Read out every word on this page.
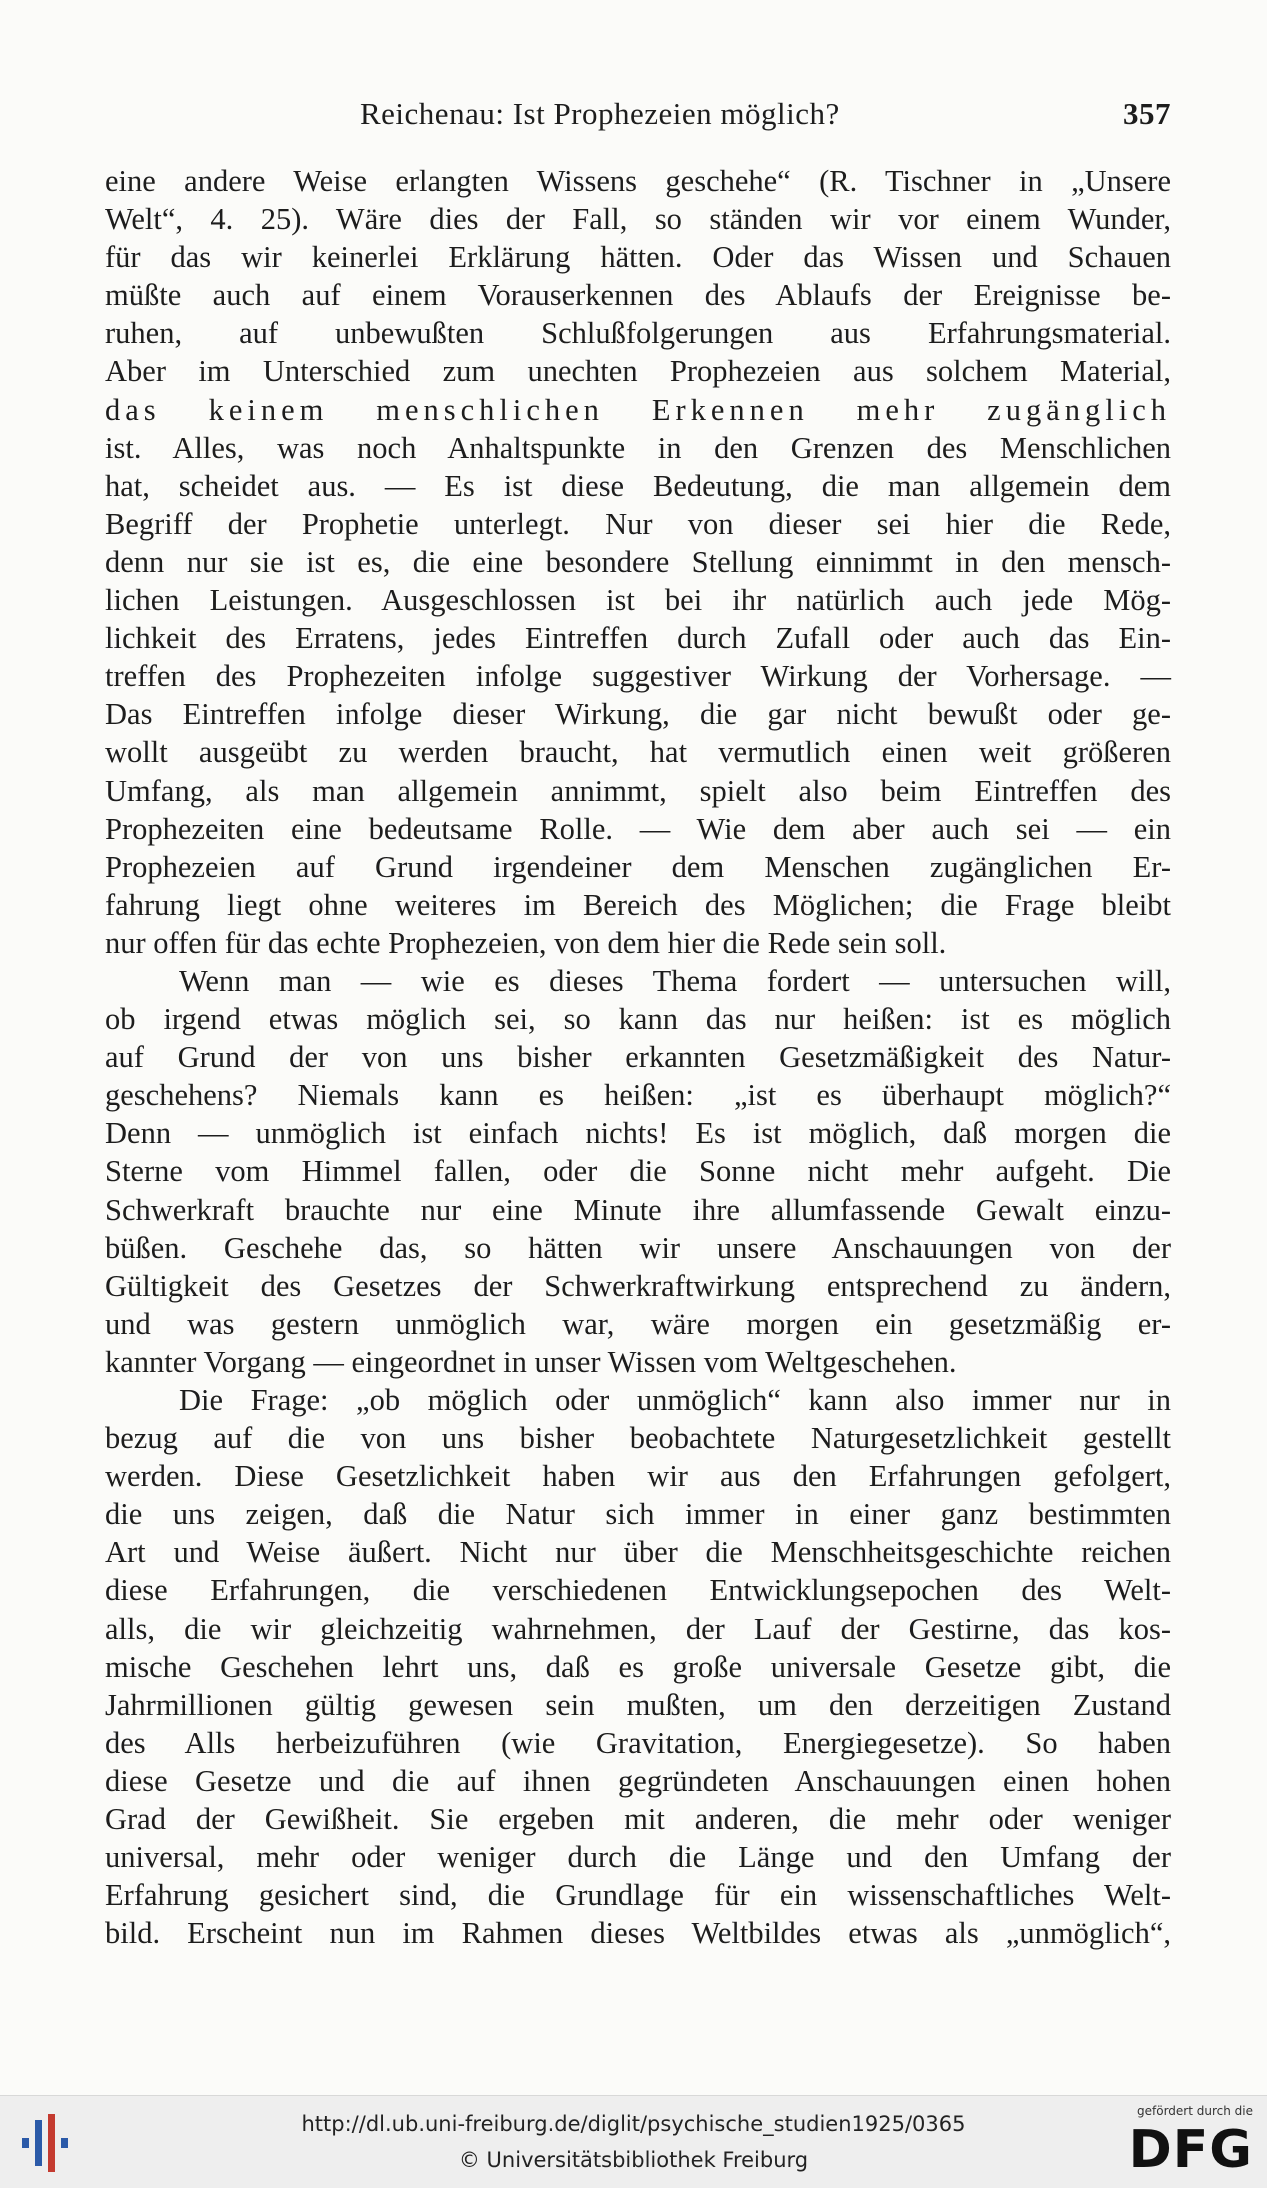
Reichenau: Ist Prophezeien möglich?	357
eine andere Weise erlangten Wissens geschehe“ (R. Tischner in „Unsere
Welt“, 4. 25). Wäre dies der Fall, so ständen wir vor einem Wunder,
für das wir keinerlei Erklärung hätten. Oder das Wissen und Schauen
müßte auch auf einem Vorauserkennen des Ablaufs der Ereignisse be-
ruhen, auf unbewußten Schlußfolgerungen aus Erfahrungsmaterial.
Aber im Unterschied zum unechten Prophezeien aus solchem Material,
das keinem menschlichen Erkennen mehr zugänglich
ist. Alles, was noch Anhaltspunkte in den Grenzen des Menschlichen
hat, scheidet aus. — Es ist diese Bedeutung, die man allgemein dem
Begriff der Prophetie unterlegt. Nur von dieser sei hier die Rede,
denn nur sie ist es, die eine besondere Stellung einnimmt in den mensch-
lichen Leistungen. Ausgeschlossen ist bei ihr natürlich auch jede Mög-
lichkeit des Erratens, jedes Eintreffen durch Zufall oder auch das Ein-
treffen des Prophezeiten infolge suggestiver Wirkung der Vorhersage. —
Das Eintreffen infolge dieser Wirkung, die gar nicht bewußt oder ge-
wollt ausgeübt zu werden braucht, hat vermutlich einen weit größeren
Umfang, als man allgemein annimmt, spielt also beim Eintreffen des
Prophezeiten eine bedeutsame Rolle. — Wie dem aber auch sei — ein
Prophezeien auf Grund irgendeiner dem Menschen zugänglichen Er-
fahrung liegt ohne weiteres im Bereich des Möglichen; die Frage bleibt
nur offen für das echte Prophezeien, von dem hier die Rede sein soll.
Wenn man — wie es dieses Thema fordert — untersuchen will,
ob irgend etwas möglich sei, so kann das nur heißen: ist es möglich
auf Grund der von uns bisher erkannten Gesetzmäßigkeit des Natur-
geschehens? Niemals kann es heißen: „ist es überhaupt möglich?“
Denn — unmöglich ist einfach nichts! Es ist möglich, daß morgen die
Sterne vom Himmel fallen, oder die Sonne nicht mehr aufgeht. Die
Schwerkraft brauchte nur eine Minute ihre allumfassende Gewalt einzu-
büßen. Geschehe das, so hätten wir unsere Anschauungen von der
Gültigkeit des Gesetzes der Schwerkraftwirkung entsprechend zu ändern,
und was gestern unmöglich war, wäre morgen ein gesetzmäßig er-
kannter Vorgang — eingeordnet in unser Wissen vom Weltgeschehen.
Die Frage: „ob möglich oder unmöglich“ kann also immer nur in
bezug auf die von uns bisher beobachtete Naturgesetzlichkeit gestellt
werden. Diese Gesetzlichkeit haben wir aus den Erfahrungen gefolgert,
die uns zeigen, daß die Natur sich immer in einer ganz bestimmten
Art und Weise äußert. Nicht nur über die Menschheitsgeschichte reichen
diese Erfahrungen, die verschiedenen Entwicklungsepochen des Welt-
alls, die wir gleichzeitig wahrnehmen, der Lauf der Gestirne, das kos-
mische Geschehen lehrt uns, daß es große universale Gesetze gibt, die
Jahrmillionen gültig gewesen sein mußten, um den derzeitigen Zustand
des Alls herbeizuführen (wie Gravitation, Energiegesetze). So haben
diese Gesetze und die auf ihnen gegründeten Anschauungen einen hohen
Grad der Gewißheit. Sie ergeben mit anderen, die mehr oder weniger
universal, mehr oder weniger durch die Länge und den Umfang der
Erfahrung gesichert sind, die Grundlage für ein wissenschaftliches Welt-
bild. Erscheint nun im Rahmen dieses Weltbildes etwas als „unmöglich“,
http://dl.ub.uni-freiburg.de/diglit/psychische_studien1925/0365
© Universitätsbibliothek Freiburg
gefördert durch die
DFG
